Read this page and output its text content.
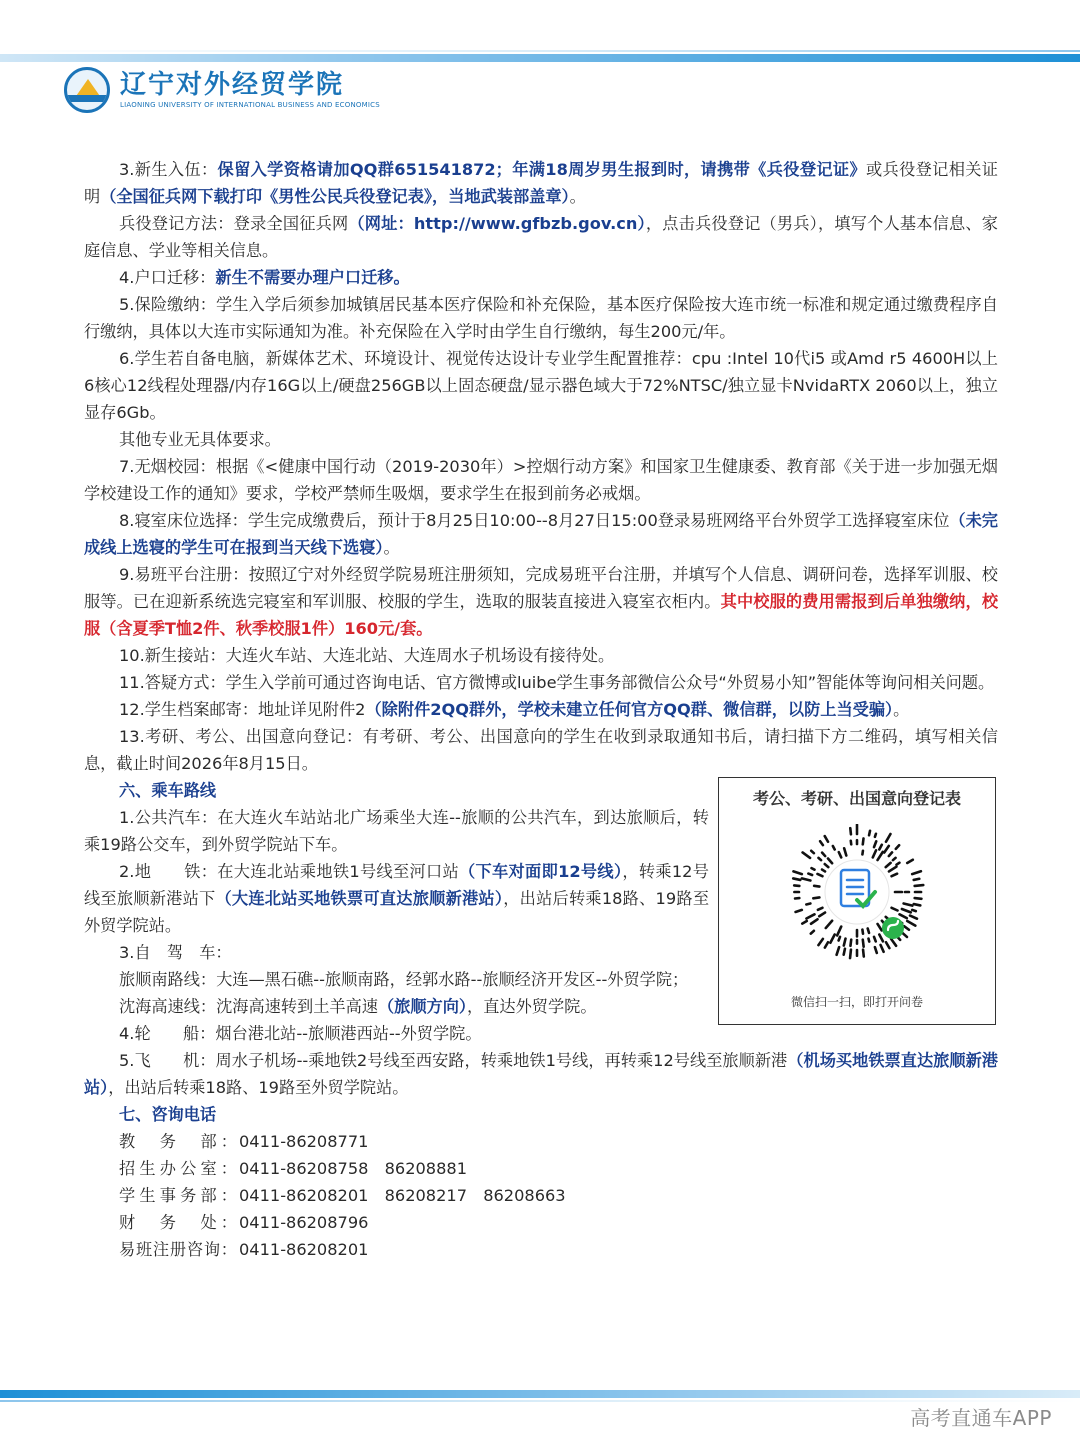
辽宁对外经贸学院
LIAONING UNIVERSITY OF INTERNATIONAL BUSINESS AND ECONOMICS

3.新生入伍：保留入学资格请加QQ群651541872；年满18周岁男生报到时，请携带《兵役登记证》或兵役登记相关证明（全国征兵网下载打印《男性公民兵役登记表》，当地武装部盖章）。

兵役登记方法：登录全国征兵网（网址：http://www.gfbzb.gov.cn），点击兵役登记（男兵），填写个人基本信息、家庭信息、学业等相关信息。

4.户口迁移：新生不需要办理户口迁移。

5.保险缴纳：学生入学后须参加城镇居民基本医疗保险和补充保险，基本医疗保险按大连市统一标准和规定通过缴费程序自行缴纳，具体以大连市实际通知为准。补充保险在入学时由学生自行缴纳，每生200元/年。

6.学生若自备电脑，新媒体艺术、环境设计、视觉传达设计专业学生配置推荐：cpu :Intel 10代i5 或Amd r5 4600H以上6核心12线程处理器/内存16G以上/硬盘256GB以上固态硬盘/显示器色域大于72%NTSC/独立显卡NvidaRTX 2060以上，独立显存6Gb。

其他专业无具体要求。

7.无烟校园：根据《<健康中国行动（2019-2030年）>控烟行动方案》和国家卫生健康委、教育部《关于进一步加强无烟学校建设工作的通知》要求，学校严禁师生吸烟，要求学生在报到前务必戒烟。

8.寝室床位选择：学生完成缴费后，预计于8月25日10:00--8月27日15:00登录易班网络平台外贸学工选择寝室床位（未完成线上选寝的学生可在报到当天线下选寝）。

9.易班平台注册：按照辽宁对外经贸学院易班注册须知，完成易班平台注册，并填写个人信息、调研问卷，选择军训服、校服等。已在迎新系统选完寝室和军训服、校服的学生，选取的服装直接进入寝室衣柜内。其中校服的费用需报到后单独缴纳，校服（含夏季T恤2件、秋季校服1件）160元/套。

10.新生接站：大连火车站、大连北站、大连周水子机场设有接待处。

11.答疑方式：学生入学前可通过咨询电话、官方微博或luibe学生事务部微信公众号“外贸易小知”智能体等询问相关问题。

12.学生档案邮寄：地址详见附件2（除附件2QQ群外，学校未建立任何官方QQ群、微信群，以防上当受骗）。

13.考研、考公、出国意向登记：有考研、考公、出国意向的学生在收到录取通知书后，请扫描下方二维码，填写相关信息，截止时间2026年8月15日。

六、乘车路线

1.公共汽车：在大连火车站站北广场乘坐大连--旅顺的公共汽车，到达旅顺后，转乘19路公交车，到外贸学院站下车。

2.地　　铁：在大连北站乘地铁1号线至河口站（下车对面即12号线），转乘12号线至旅顺新港站下（大连北站买地铁票可直达旅顺新港站），出站后转乘18路、19路至外贸学院站。

3.自　驾　车：

旅顺南路线：大连—黑石礁--旅顺南路，经郭水路--旅顺经济开发区--外贸学院；

沈海高速线：沈海高速转到土羊高速（旅顺方向），直达外贸学院。

4.轮　　船：烟台港北站--旅顺港西站--外贸学院。

考公、考研、出国意向登记表
微信扫一扫，即打开问卷

5.飞　　机：周水子机场--乘地铁2号线至西安路，转乘地铁1号线，再转乘12号线至旅顺新港（机场买地铁票直达旅顺新港站），出站后转乘18路、19路至外贸学院站。

七、咨询电话
教　务　部： 0411-86208771
招生办公室： 0411-86208758　86208881
学生事务部： 0411-86208201　86208217　86208663
财　务　处： 0411-86208796
易班注册咨询： 0411-86208201
高考直通车APP
